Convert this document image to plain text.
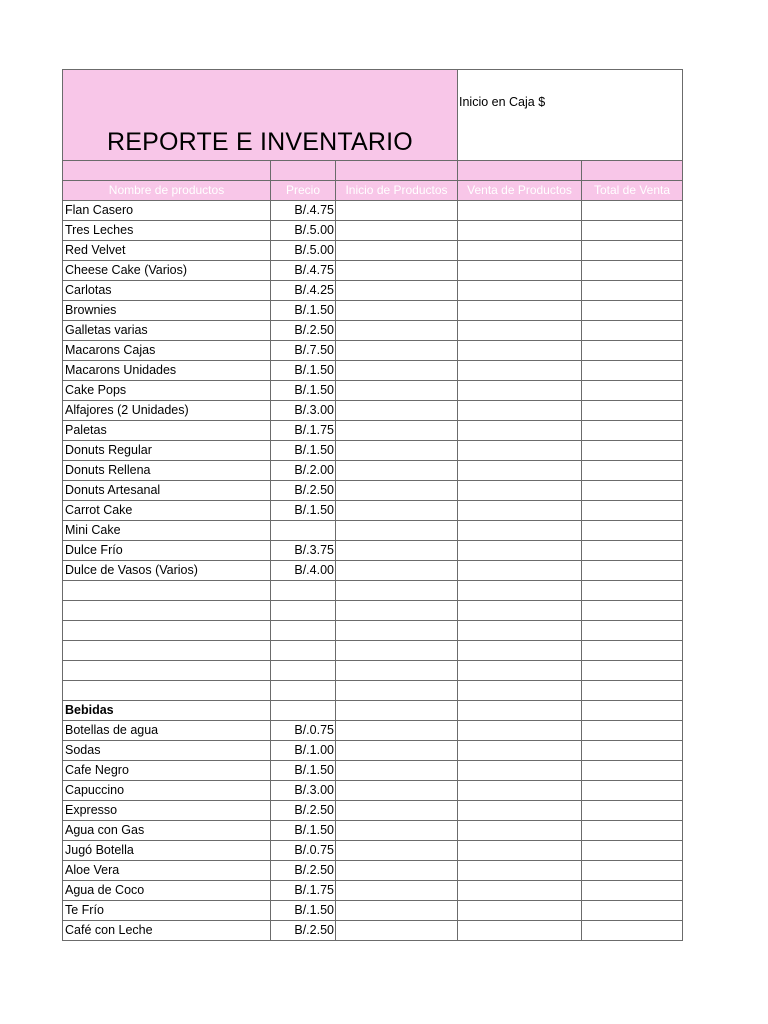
REPORTE E INVENTARIO			Inicio en Caja $	

Nombre de productos	Precio	Inicio de Productos	Venta de Productos	Total de Venta
Flan Casero	B/.4.75			
Tres Leches	B/.5.00			
Red Velvet	B/.5.00			
Cheese Cake (Varios)	B/.4.75			
Carlotas	B/.4.25			
Brownies	B/.1.50			
Galletas varias	B/.2.50			
Macarons Cajas	B/.7.50			
Macarons Unidades	B/.1.50			
Cake Pops	B/.1.50			
Alfajores (2 Unidades)	B/.3.00			
Paletas	B/.1.75			
Donuts Regular	B/.1.50			
Donuts Rellena	B/.2.00			
Donuts Artesanal	B/.2.50			
Carrot Cake	B/.1.50			
Mini Cake				
Dulce Frío	B/.3.75			
Dulce de Vasos (Varios)	B/.4.00			

Bebidas				
Botellas de agua	B/.0.75			
Sodas	B/.1.00			
Cafe Negro	B/.1.50			
Capuccino	B/.3.00			
Expresso	B/.2.50			
Agua con Gas	B/.1.50			
Jugó Botella	B/.0.75			
Aloe Vera	B/.2.50			
Agua de Coco	B/.1.75			
Te Frío	B/.1.50			
Café con Leche	B/.2.50			
